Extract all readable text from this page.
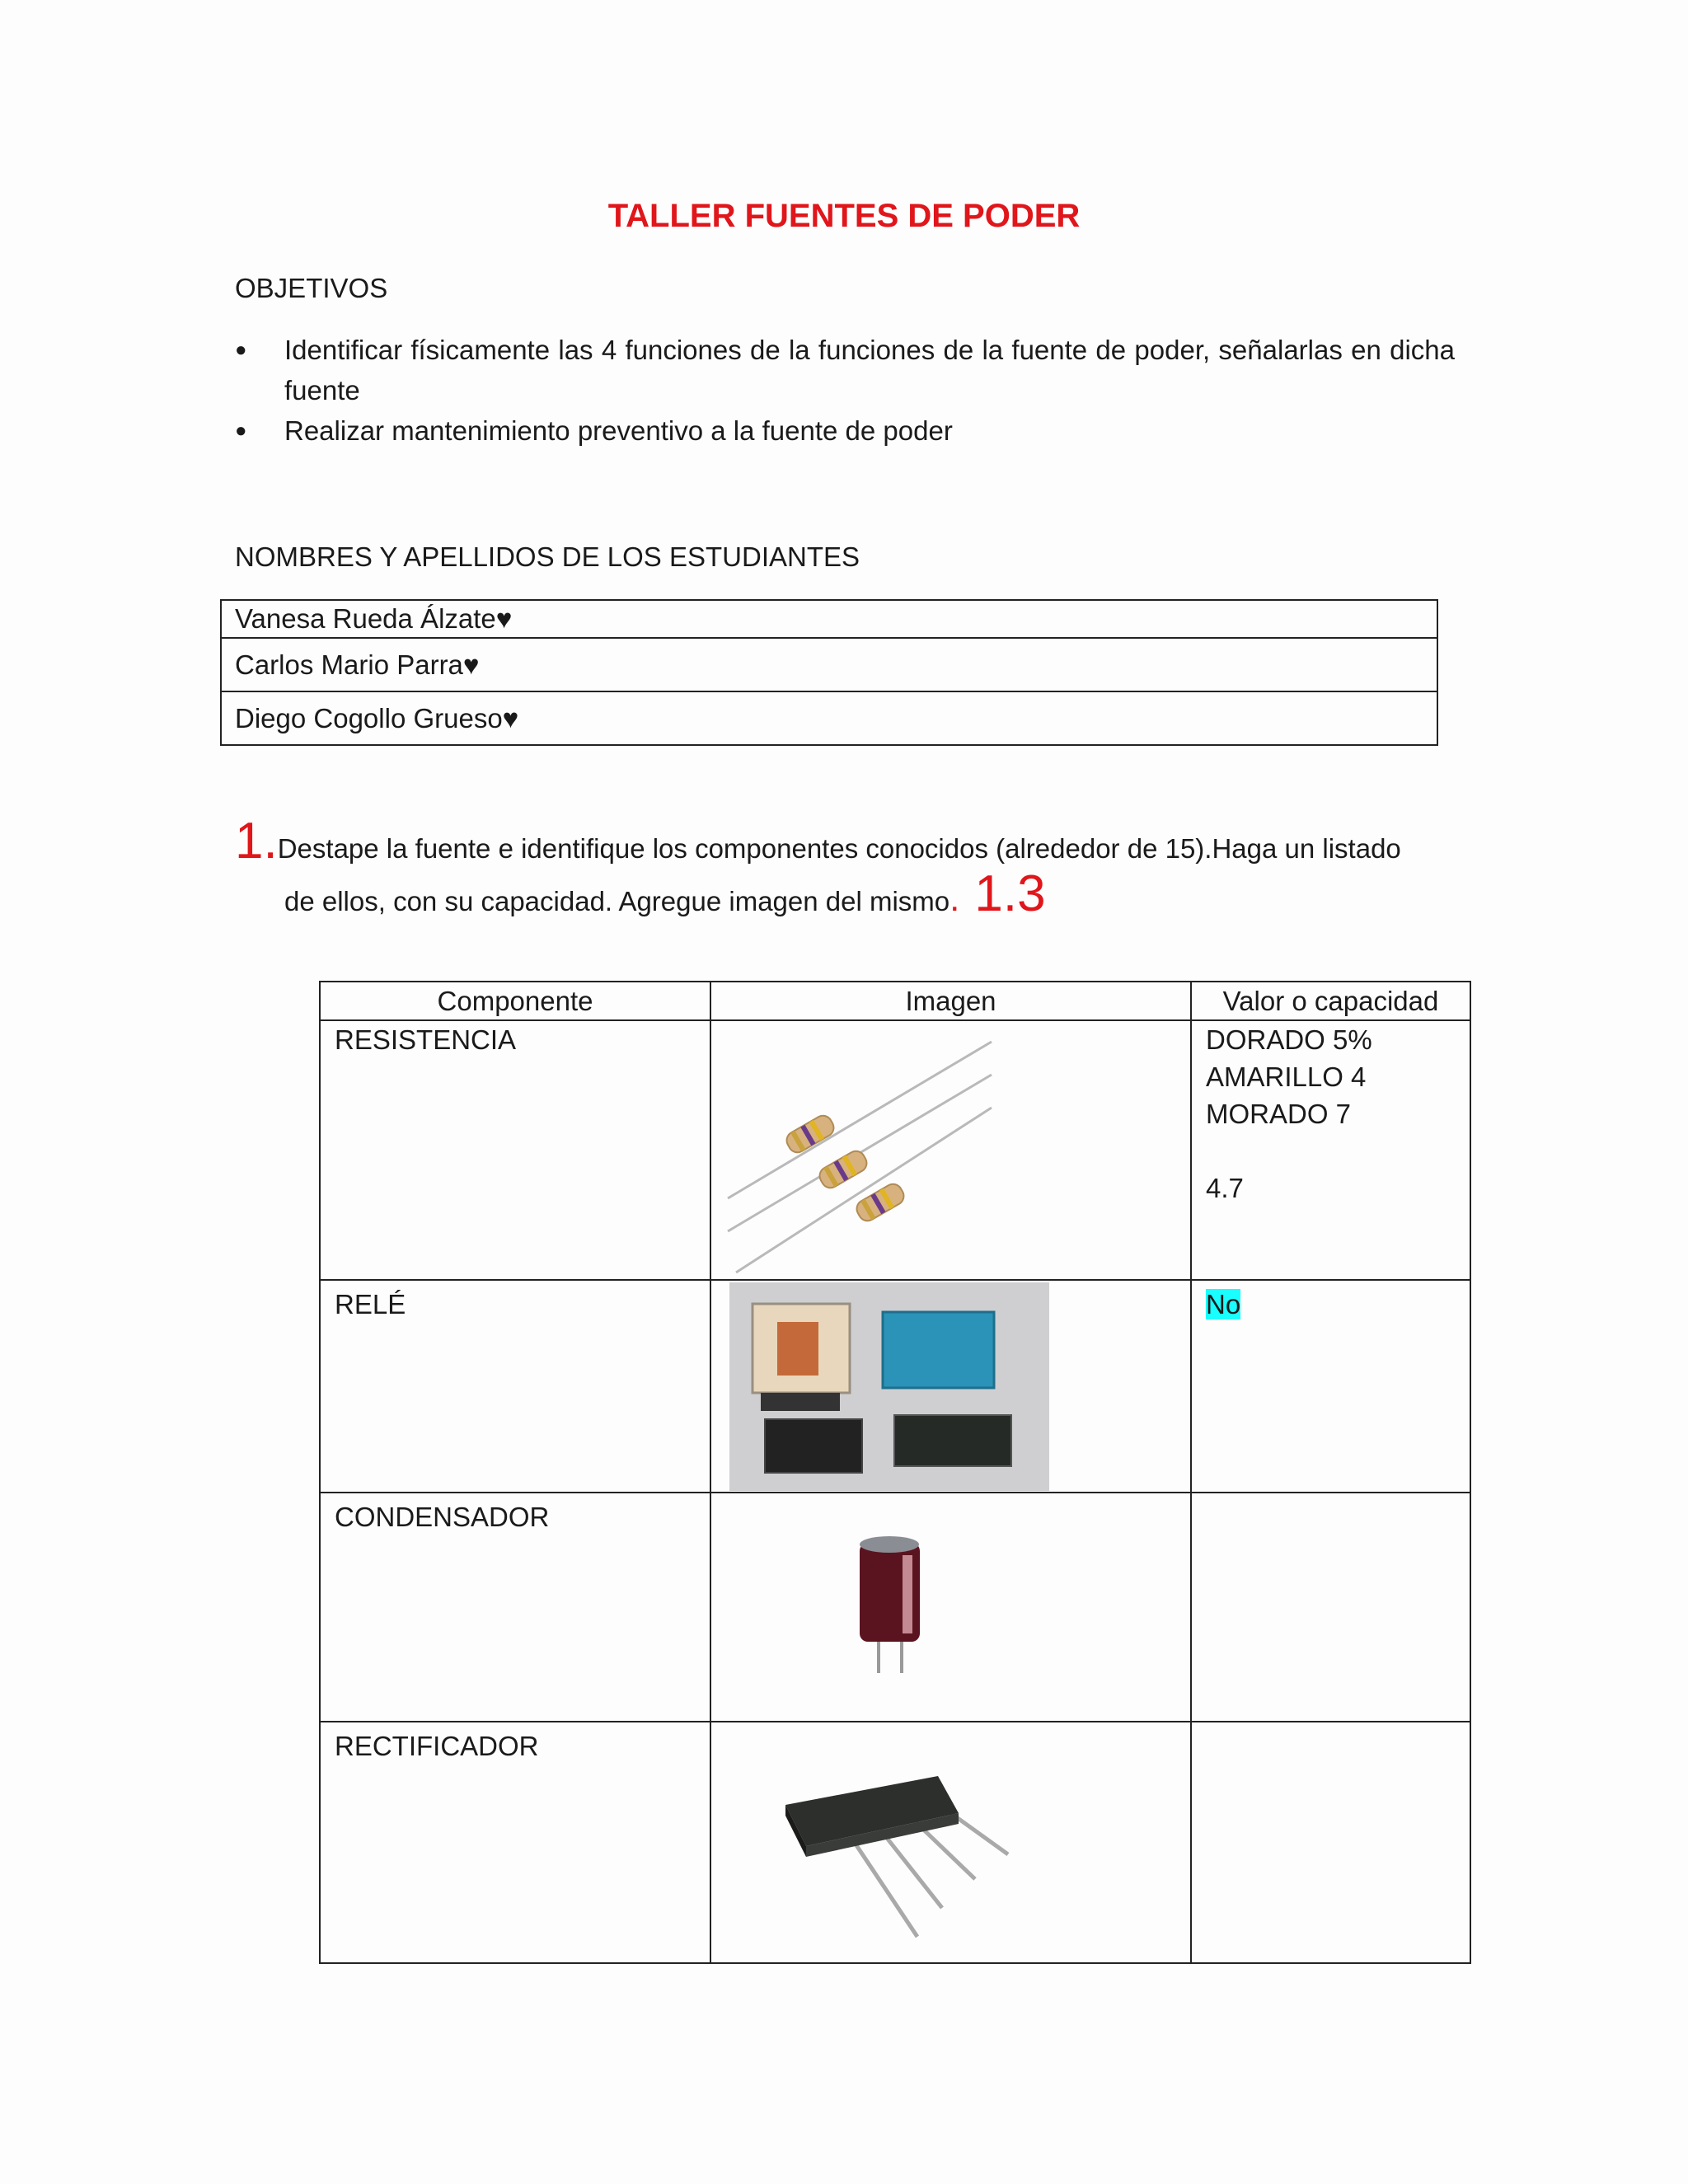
TALLER FUENTES DE PODER
OBJETIVOS
●	Identificar físicamente las 4 funciones de la funciones de la fuente de poder, señalarlas en dicha fuente
●	Realizar mantenimiento preventivo a la fuente de poder
NOMBRES Y APELLIDOS DE LOS ESTUDIANTES
Vanesa Rueda Álzate♥
Carlos Mario Parra♥
Diego Cogollo Grueso♥
1.Destape la fuente e identifique los componentes conocidos (alrededor de 15).Haga un listado
de ellos, con su capacidad. Agregue imagen del mismo. 1.3
Componente	Imagen	Valor o capacidad
RESISTENCIA		DORADO 5%
AMARILLO 4
MORADO 7
4.7

RELÉ		No
CONDENSADOR	

RECTIFICADOR	
